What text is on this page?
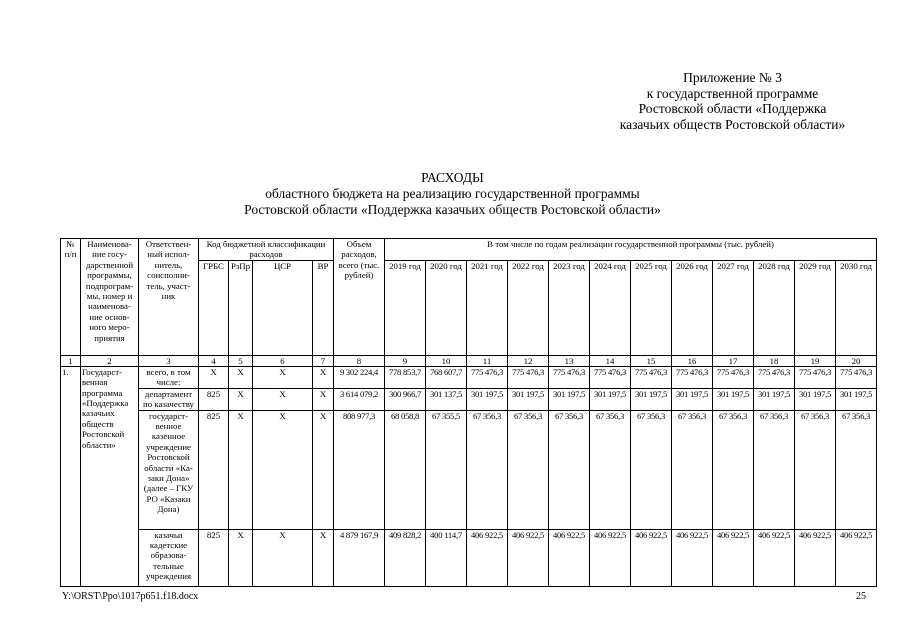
Приложение № 3
к государственной программе
Ростовской области «Поддержка
казачьих обществ Ростовской области»
РАСХОДЫ
областного бюджета на реализацию государственной программы
Ростовской области «Поддержка казачьих обществ Ростовской области»
№ п/п	Наименова-ние госу-дарственной программы, подпрограм-мы, номер и наименова-ние основ-ного меро-приятия	Ответствен-ный испол-нитель, соисполни-тель, участ-ник	Код бюджетной классификации расходов				Объем расходов, всего (тыс. рублей)	В том числе по годам реализации государственной программы (тыс. рублей)											
			ГРБС	РзПр	ЦСР	ВР		2019 год	2020 год	2021 год	2022 год	2023 год	2024 год	2025 год	2026 год	2027 год	2028 год	2029 год	2030 год
1	2	3	4	5	6	7	8	9	10	11	12	13	14	15	16	17	18	19	20
1.	Государст-венная программа «Поддержка казачьих обществ Ростовской области»	всего, в том числе:	X	X	X	X	9 302 224,4	778 853,7	768 607,7	775 476,3	775 476,3	775 476,3	775 476,3	775 476,3	775 476,3	775 476,3	775 476,3	775 476,3	775 476,3
		департамент по казачеству	825	X	X	X	3 614 079,2	300 966,7	301 137,5	301 197,5	301 197,5	301 197,5	301 197,5	301 197,5	301 197,5	301 197,5	301 197,5	301 197,5	301 197,5
		государст-венное казенное учреждение Ростовской области «Ка-заки Дона» (далее – ГКУ РО «Казаки Дона)	825	X	X	X	808 977,3	68 058,8	67 355,5	67 356,3	67 356,3	67 356,3	67 356,3	67 356,3	67 356,3	67 356,3	67 356,3	67 356,3	67 356,3
		казачьи кадетские образова-тельные учреждения	825	X	X	X	4 879 167,9	409 828,2	400 114,7	406 922,5	406 922,5	406 922,5	406 922,5	406 922,5	406 922,5	406 922,5	406 922,5	406 922,5	406 922,5
Y:\ORST\Ppo\1017p651.f18.docx	25
